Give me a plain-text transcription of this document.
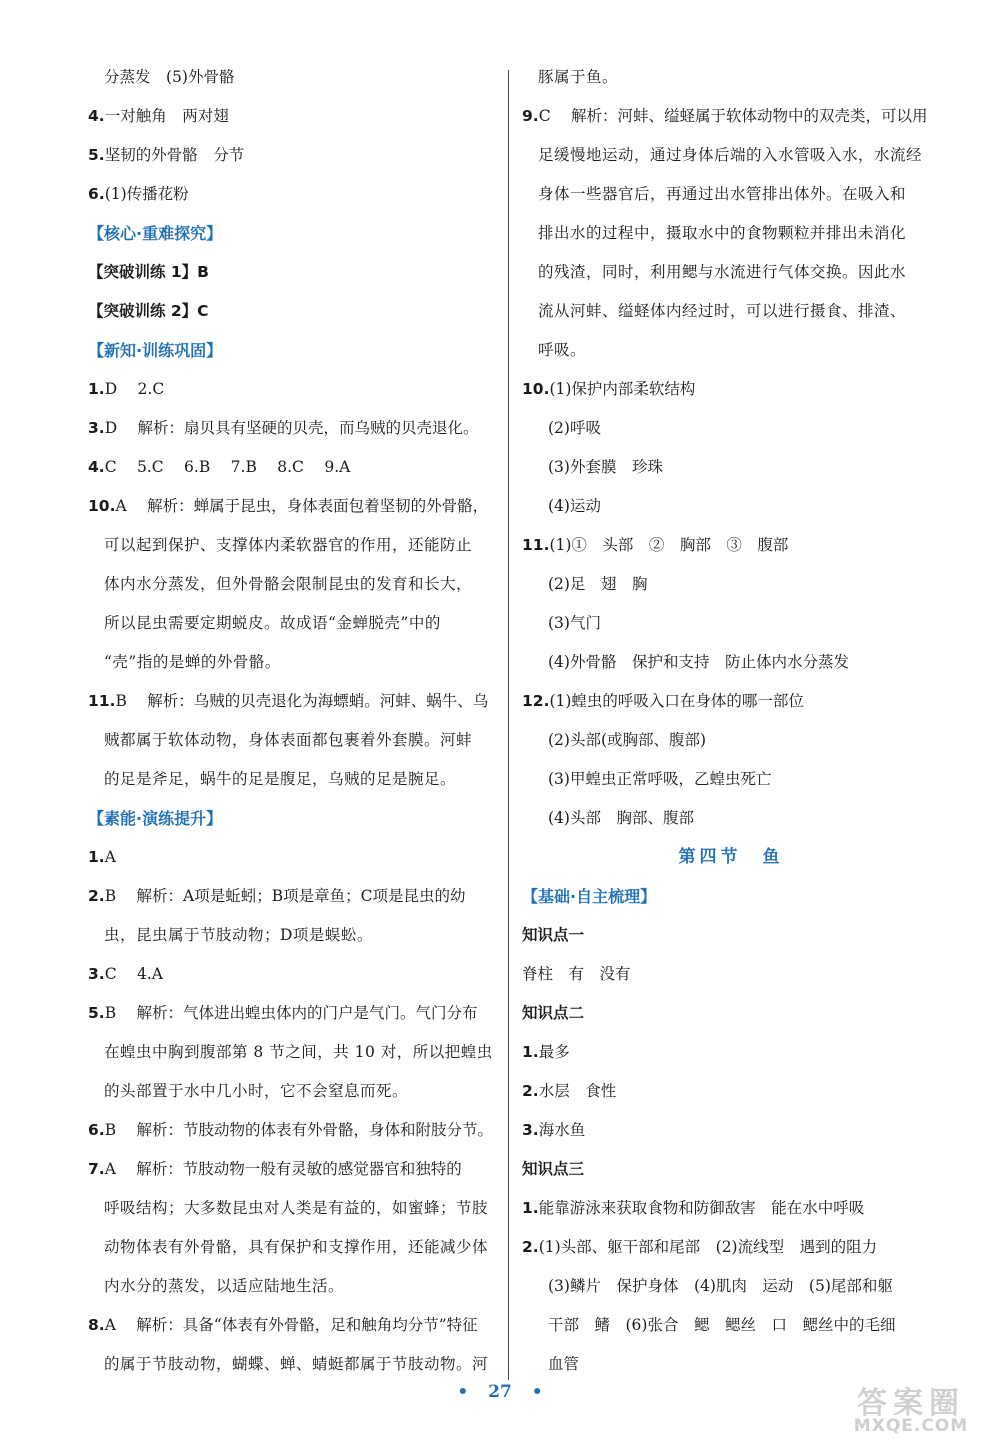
分蒸发　(5)外骨骼
4.一对触角　两对翅
5.坚韧的外骨骼　分节
6.(1)传播花粉
【核心·重难探究】
【突破训练 1】B
【突破训练 2】C
【新知·训练巩固】
1.D　 2.C
3.D　 解析：扇贝具有坚硬的贝壳，而乌贼的贝壳退化。
4.C　 5.C　 6.B　 7.B　 8.C　 9.A
10.A　 解析：蝉属于昆虫，身体表面包着坚韧的外骨骼，
可以起到保护、支撑体内柔软器官的作用，还能防止
体内水分蒸发，但外骨骼会限制昆虫的发育和长大，
所以昆虫需要定期蜕皮。故成语“金蝉脱壳”中的
“壳”指的是蝉的外骨骼。
11.B　 解析：乌贼的贝壳退化为海螵蛸。河蚌、蜗牛、乌
贼都属于软体动物，身体表面都包裹着外套膜。河蚌
的足是斧足，蜗牛的足是腹足，乌贼的足是腕足。
【素能·演练提升】
1.A
2.B　 解析：A项是蚯蚓；B项是章鱼；C项是昆虫的幼
虫，昆虫属于节肢动物；D项是蜈蚣。
3.C　 4.A
5.B　 解析：气体进出蝗虫体内的门户是气门。气门分布
在蝗虫中胸到腹部第 8 节之间，共 10 对，所以把蝗虫
的头部置于水中几小时，它不会窒息而死。
6.B　 解析：节肢动物的体表有外骨骼，身体和附肢分节。
7.A　 解析：节肢动物一般有灵敏的感觉器官和独特的
呼吸结构；大多数昆虫对人类是有益的，如蜜蜂；节肢
动物体表有外骨骼，具有保护和支撑作用，还能减少体
内水分的蒸发，以适应陆地生活。
8.A　 解析：具备“体表有外骨骼，足和触角均分节”特征
的属于节肢动物，蝴蝶、蝉、蜻蜓都属于节肢动物。河
豚属于鱼。
9.C　 解析：河蚌、缢蛏属于软体动物中的双壳类，可以用
足缓慢地运动，通过身体后端的入水管吸入水，水流经
身体一些器官后，再通过出水管排出体外。在吸入和
排出水的过程中，摄取水中的食物颗粒并排出未消化
的残渣，同时，利用鳃与水流进行气体交换。因此水
流从河蚌、缢蛏体内经过时，可以进行摄食、排渣、
呼吸。
10.(1)保护内部柔软结构
(2)呼吸
(3)外套膜　珍珠
(4)运动
11.(1)①　头部　②　胸部　③　腹部
(2)足　翅　胸
(3)气门
(4)外骨骼　保护和支持　防止体内水分蒸发
12.(1)蝗虫的呼吸入口在身体的哪一部位
(2)头部(或胸部、腹部)
(3)甲蝗虫正常呼吸，乙蝗虫死亡
(4)头部　胸部、腹部
第四节　鱼
【基础·自主梳理】
知识点一
脊柱　有　没有
知识点二
1.最多
2.水层　食性
3.海水鱼
知识点三
1.能靠游泳来获取食物和防御敌害　能在水中呼吸
2.(1)头部、躯干部和尾部　(2)流线型　遇到的阻力
(3)鳞片　保护身体　(4)肌肉　运动　(5)尾部和躯
干部　鳍　(6)张合　鳃　鳃丝　口　鳃丝中的毛细
血管
• 27 •	答案圈
MXQE.COM
